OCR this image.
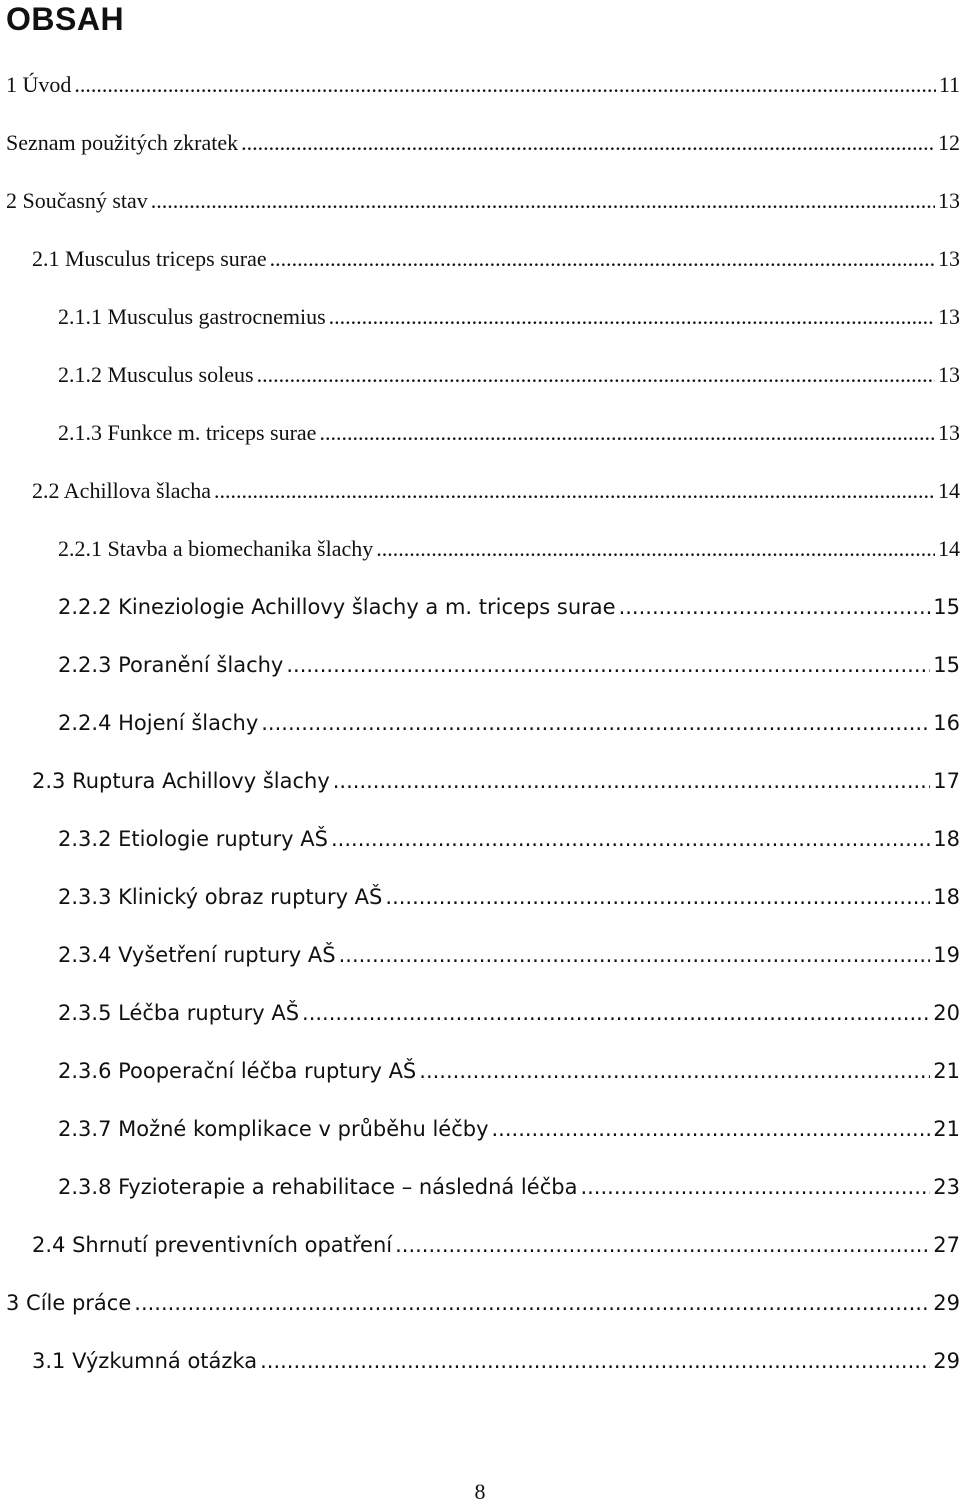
OBSAH
1 Úvod .....	11
Seznam použitých zkratek .....	12
2 Současný stav .....	13
2.1 Musculus triceps surae .....	13
2.1.1 Musculus gastrocnemius .....	13
2.1.2 Musculus soleus .....	13
2.1.3 Funkce m. triceps surae .....	13
2.2 Achillova šlacha .....	14
2.2.1 Stavba a biomechanika šlachy .....	14
2.2.2 Kineziologie Achillovy šlachy a m. triceps surae .....	15
2.2.3 Poranění šlachy .....	15
2.2.4 Hojení šlachy .....	16
2.3 Ruptura Achillovy šlachy .....	17
2.3.2 Etiologie ruptury AŠ .....	18
2.3.3 Klinický obraz ruptury AŠ .....	18
2.3.4 Vyšetření ruptury AŠ .....	19
2.3.5 Léčba ruptury AŠ .....	20
2.3.6 Pooperační léčba ruptury AŠ .....	21
2.3.7 Možné komplikace v průběhu léčby .....	21
2.3.8 Fyzioterapie a rehabilitace – následná léčba .....	23
2.4 Shrnutí preventivních opatření .....	27
3 Cíle práce .....	29
3.1 Výzkumná otázka .....	29
8
